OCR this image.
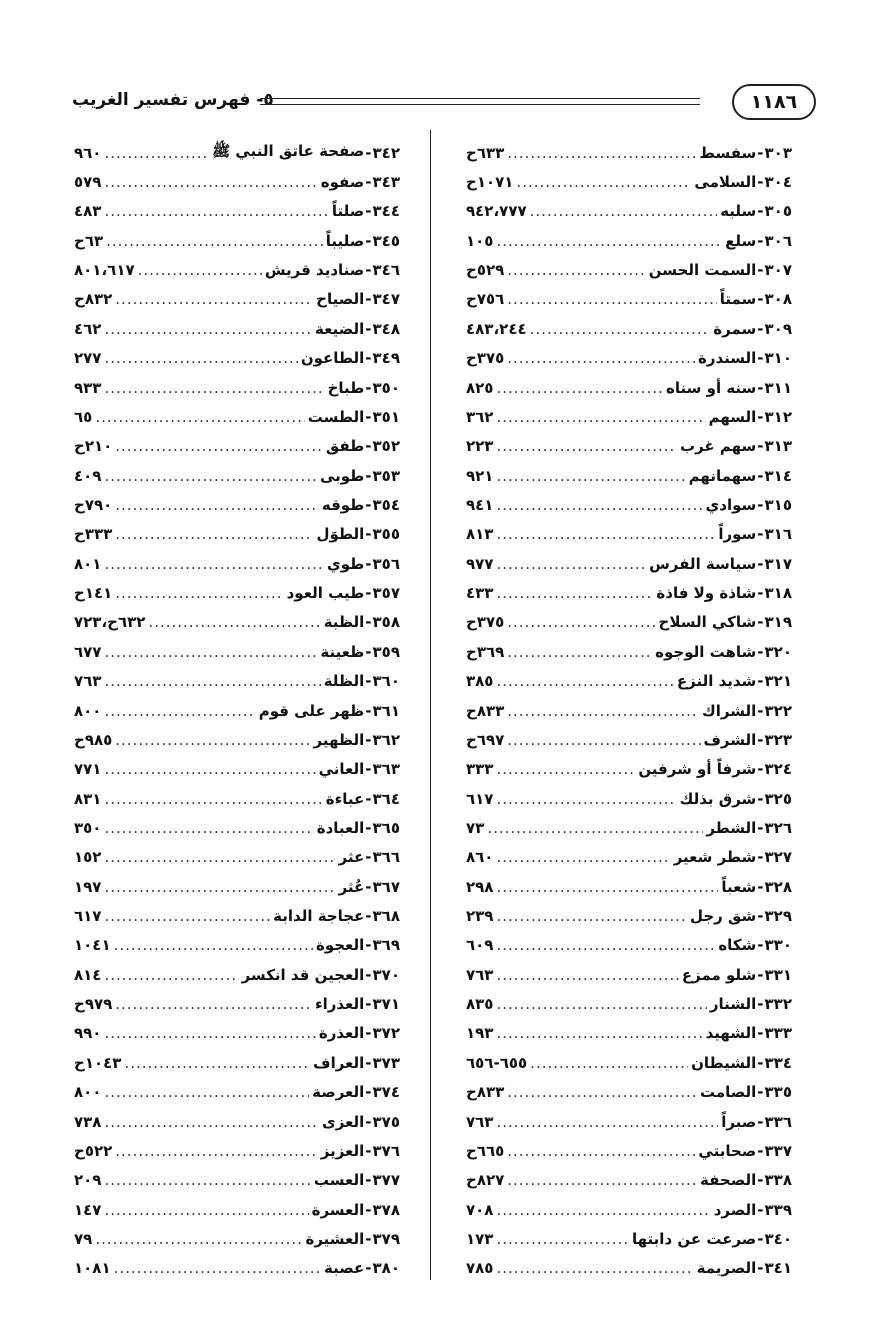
٥- فهرس تفسير الغريب	١١٨٦
٣٠٣
-
سفسط
.....
٦٣٣ح
٣٠٤
-
السلامى
.....
١٠٧١ح
٣٠٥
-
سلبه
.....
٩٤٢،٧٧٧
٣٠٦
-
سلع
.....
١٠٥
٣٠٧
-
السمت الحسن
.....
٥٢٩ح
٣٠٨
-
سمتاً
.....
٧٥٦ح
٣٠٩
-
سمرة
.....
٤٨٣،٢٤٤
٣١٠
-
السندرة
.....
٣٧٥ح
٣١١
-
سنه أو سناه
.....
٨٢٥
٣١٢
-
السهم
.....
٣٦٢
٣١٣
-
سهم غرب
.....
٢٢٣
٣١٤
-
سهمانهم
.....
٩٢١
٣١٥
-
سوادي
.....
٩٤١
٣١٦
-
سوراً
.....
٨١٣
٣١٧
-
سياسة الفرس
.....
٩٧٧
٣١٨
-
شاذة ولا فاذة
.....
٤٣٣
٣١٩
-
شاكي السلاح
.....
٣٧٥ح
٣٢٠
-
شاهت الوجوه
.....
٣٦٩ح
٣٢١
-
شديد النزع
.....
٣٨٥
٣٢٢
-
الشراك
.....
٨٣٣ح
٣٢٣
-
الشرف
.....
٦٩٧ح
٣٢٤
-
شرفاً أو شرفين
.....
٣٣٣
٣٢٥
-
شرق بذلك
.....
٦١٧
٣٢٦
-
الشطر
.....
٧٣
٣٢٧
-
شطر شعير
.....
٨٦٠
٣٢٨
-
شعباً
.....
٢٩٨
٣٢٩
-
شق رجل
.....
٢٣٩
٣٣٠
-
شكاه
.....
٦٠٩
٣٣١
-
شلو ممزع
.....
٧٦٣
٣٣٢
-
الشنار
.....
٨٣٥
٣٣٣
-
الشهيد
.....
١٩٣
٣٣٤
-
الشيطان
.....
٦٥٥-٦٥٦
٣٣٥
-
الصامت
.....
٨٣٣ح
٣٣٦
-
صبراً
.....
٧٦٣
٣٣٧
-
صحابتي
.....
٦٦٥ح
٣٣٨
-
الصحفة
.....
٨٢٧ح
٣٣٩
-
الصرد
.....
٧٠٨
٣٤٠
-
صرعت عن دابتها
.....
١٧٣
٣٤١
-
الصريمة
.....
٧٨٥
٣٤٢
-
صفحة عاتق النبي ﷺ
.....
٩٦٠
٣٤٣
-
صفوه
.....
٥٧٩
٣٤٤
-
صلتاً
.....
٤٨٣
٣٤٥
-
صليباً
.....
٦٣ح
٣٤٦
-
صناديد قريش
.....
٨٠١،٦١٧
٣٤٧
-
الصياح
.....
٨٣٢ح
٣٤٨
-
الضيعة
.....
٤٦٢
٣٤٩
-
الطاعون
.....
٢٧٧
٣٥٠
-
طباخ
.....
٩٣٣
٣٥١
-
الطست
.....
٦٥
٣٥٢
-
طفق
.....
٢١٠ح
٣٥٣
-
طوبى
.....
٤٠٩
٣٥٤
-
طوقه
.....
٧٩٠ح
٣٥٥
-
الطوَل
.....
٣٣٣ح
٣٥٦
-
طوي
.....
٨٠١
٣٥٧
-
طيب العود
.....
١٤١ح
٣٥٨
-
الظبة
.....
٦٣٢ح،٧٢٣
٣٥٩
-
ظعينة
.....
٦٧٧
٣٦٠
-
الظلة
.....
٧٦٣
٣٦١
-
ظهر على قوم
.....
٨٠٠
٣٦٢
-
الظهير
.....
٩٨٥ح
٣٦٣
-
العاني
.....
٧٧١
٣٦٤
-
عباءة
.....
٨٣١
٣٦٥
-
العبادة
.....
٣٥٠
٣٦٦
-
عثر
.....
١٥٢
٣٦٧
-
عُثر
.....
١٩٧
٣٦٨
-
عجاجة الدابة
.....
٦١٧
٣٦٩
-
العجوة
.....
١٠٤١
٣٧٠
-
العجين قد انكسر
.....
٨١٤
٣٧١
-
العذراء
.....
٩٧٩ح
٣٧٢
-
العذرة
.....
٩٩٠
٣٧٣
-
العراف
.....
١٠٤٣ح
٣٧٤
-
العرصة
.....
٨٠٠
٣٧٥
-
العزى
.....
٧٣٨
٣٧٦
-
العزيز
.....
٥٢٢ح
٣٧٧
-
العسب
.....
٢٠٩
٣٧٨
-
العسرة
.....
١٤٧
٣٧٩
-
العشيرة
.....
٧٩
٣٨٠
-
عصبة
.....
١٠٨١
